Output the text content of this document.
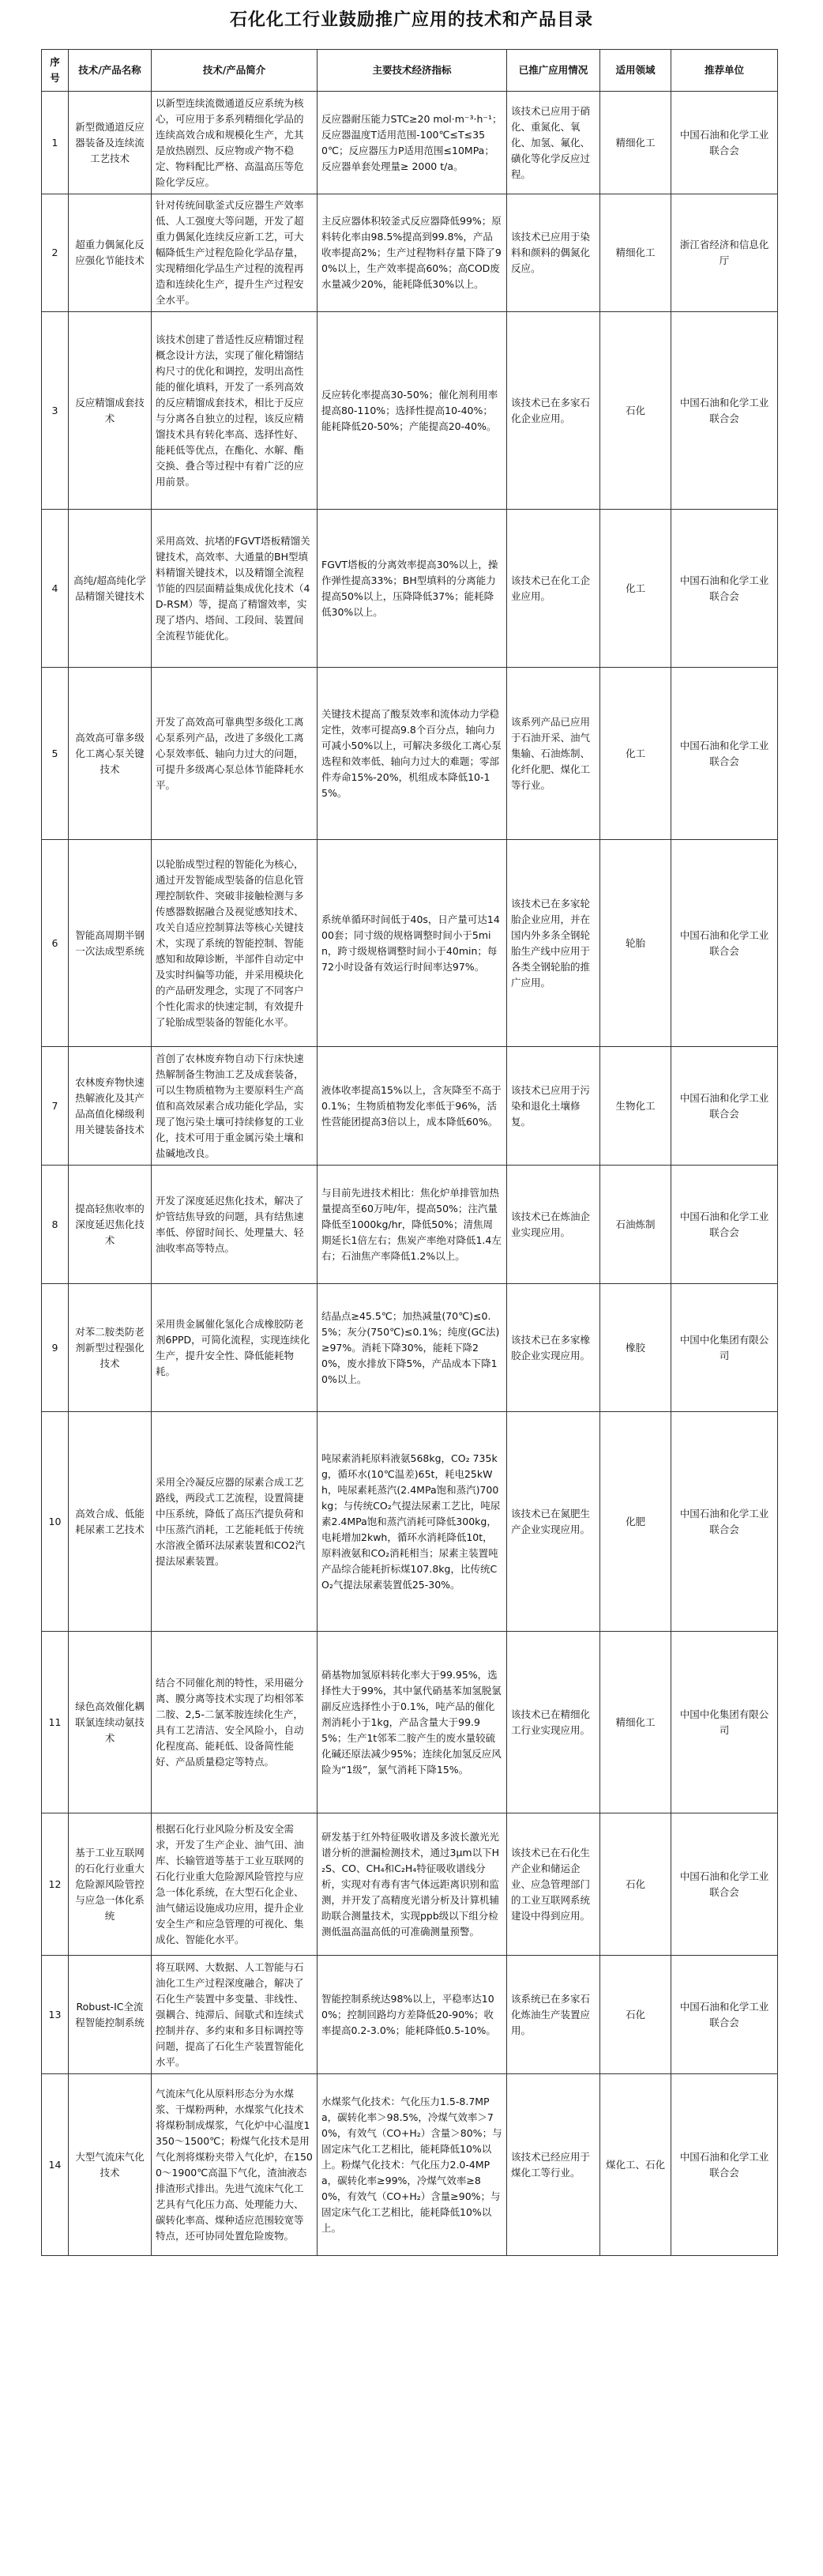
石化化工行业鼓励推广应用的技术和产品目录
序号	技术/产品名称	技术/产品简介	主要技术经济指标	已推广应用情况	适用领域	推荐单位
1	新型微通道反应器装备及连续流工艺技术	以新型连续流微通道反应系统为核心，可应用于多系列精细化学品的连续高效合成和规模化生产，尤其是放热剧烈、反应物或产物不稳定、物料配比严格、高温高压等危险化学反应。	反应器耐压能力STC≥20 mol·m⁻³·h⁻¹；反应器温度T适用范围-100℃≤T≤350℃；反应器压力P适用范围≤10MPa；反应器单套处理量≥ 2000 t/a。	该技术已应用于硝化、重氮化、氧化、加氢、氟化、磺化等化学反应过程。	精细化工	中国石油和化学工业联合会
2	超重力偶氮化反应强化节能技术	针对传统间歇釜式反应器生产效率低、人工强度大等问题，开发了超重力偶氮化连续反应新工艺，可大幅降低生产过程危险化学品存量，实现精细化学品生产过程的流程再造和连续化生产，提升生产过程安全水平。	主反应器体积较釜式反应器降低99%；原料转化率由98.5%提高到99.8%，产品收率提高2%；生产过程物料存量下降了90%以上，生产效率提高60%；高COD废水量减少20%，能耗降低30%以上。	该技术已应用于染料和颜料的偶氮化反应。	精细化工	浙江省经济和信息化厅
3	反应精馏成套技术	该技术创建了普适性反应精馏过程概念设计方法，实现了催化精馏结构尺寸的优化和调控，发明出高性能的催化填料，开发了一系列高效的反应精馏成套技术，相比于反应与分离各自独立的过程，该反应精馏技术具有转化率高、选择性好、能耗低等优点，在酯化、水解、酯交换、叠合等过程中有着广泛的应用前景。	反应转化率提高30-50%；催化剂利用率提高80-110%；选择性提高10-40%；能耗降低20-50%；产能提高20-40%。	该技术已在多家石化企业应用。	石化	中国石油和化学工业联合会
4	高纯/超高纯化学品精馏关键技术	采用高效、抗堵的FGVT塔板精馏关键技术，高效率、大通量的BH型填料精馏关键技术，以及精馏全流程节能的四层面精益集成优化技术（4D-RSM）等，提高了精馏效率，实现了塔内、塔间、工段间、装置间全流程节能优化。	FGVT塔板的分离效率提高30%以上，操作弹性提高33%；BH型填料的分离能力提高50%以上，压降降低37%；能耗降低30%以上。	该技术已在化工企业应用。	化工	中国石油和化学工业联合会
5	高效高可靠多级化工离心泵关键技术	开发了高效高可靠典型多级化工离心泵系列产品，改进了多级化工离心泵效率低、轴向力过大的问题，可提升多级离心泵总体节能降耗水平。	关键技术提高了酸泵效率和流体动力学稳定性，效率可提高9.8个百分点，轴向力可减小50%以上，可解决多级化工离心泵选程和效率低、轴向力过大的难题；零部件寿命15%-20%，机组成本降低10-15%。	该系列产品已应用于石油开采、油气集输、石油炼制、化纤化肥、煤化工等行业。	化工	中国石油和化学工业联合会
6	智能高周期半钢一次法成型系统	以轮胎成型过程的智能化为核心，通过开发智能成型装备的信息化管理控制软件、突破非接触检测与多传感器数据融合及视觉感知技术、攻关自适应控制算法等核心关键技术，实现了系统的智能控制、智能感知和故障诊断，半部件自动定中及实时纠偏等功能，并采用模块化的产品研发理念，实现了不同客户个性化需求的快速定制，有效提升了轮胎成型装备的智能化水平。	系统单循环时间低于40s，日产量可达1400套；同寸级的规格调整时间小于5min，跨寸级规格调整时间小于40min；每72小时设备有效运行时间率达97%。	该技术已在多家轮胎企业应用，并在国内外多条全钢轮胎生产线中应用于各类全钢轮胎的推广应用。	轮胎	中国石油和化学工业联合会
7	农林废弃物快速热解液化及其产品高值化梯级利用关键装备技术	首创了农林废弃物自动下行床快速热解制备生物油工艺及成套装备，可以生物质植物为主要原料生产高值和高效尿素合成功能化学品，实现了饱污染土壤可持续修复的工业化，技术可用于重金属污染土壤和盐碱地改良。	液体收率提高15%以上，含灰降至不高于0.1%；生物质植物发化率低于96%，活性营能团提高3倍以上，成本降低60%。	该技术已应用于污染和退化土壤修复。	生物化工	中国石油和化学工业联合会
8	提高轻焦收率的深度延迟焦化技术	开发了深度延迟焦化技术，解决了炉管结焦导致的问题，具有结焦速率低、停留时间长、处理量大、轻油收率高等特点。	与目前先进技术相比：焦化炉单排管加热量提高至60万吨/年，提高50%；注汽量降低至1000kg/hr，降低50%；清焦周期延长1倍左右；焦炭产率绝对降低1.4左右；石油焦产率降低1.2%以上。	该技术已在炼油企业实现应用。	石油炼制	中国石油和化学工业联合会
9	对苯二胺类防老剂新型过程强化技术	采用贵金属催化氢化合成橡胶防老剂6PPD，可简化流程，实现连续化生产，提升安全性、降低能耗物耗。	结晶点≥45.5℃；加热减量(70℃)≤0.5%；灰分(750℃)≤0.1%；纯度(GC法)≥97%。消耗下降30%，能耗下降20%，废水排放下降5%，产品成本下降10%以上。	该技术已在多家橡胶企业实现应用。	橡胶	中国中化集团有限公司
10	高效合成、低能耗尿素工艺技术	采用全冷凝反应器的尿素合成工艺路线，两段式工艺流程，设置简捷中压系统，降低了高压汽提负荷和中压蒸汽消耗，工艺能耗低于传统水溶液全循环法尿素装置和CO2汽提法尿素装置。	吨尿素消耗原料液氨568kg，CO₂ 735kg，循环水(10℃温差)65t，耗电25kWh，吨尿素耗蒸汽(2.4MPa饱和蒸汽)700kg；与传统CO₂气提法尿素工艺比，吨尿素2.4MPa饱和蒸汽消耗可降低300kg，电耗增加2kwh，循环水消耗降低10t，原料液氨和CO₂消耗相当；尿素主装置吨产品综合能耗折标煤107.8kg，比传统CO₂气提法尿素装置低25-30%。	该技术已在氮肥生产企业实现应用。	化肥	中国石油和化学工业联合会
11	绿色高效催化耦联氯连续动氨技术	结合不同催化剂的特性，采用磁分离、膜分离等技术实现了均相邻苯二胺、2,5-二氯苯胺连续化生产，具有工艺清洁、安全风险小，自动化程度高、能耗低、设备简性能好、产品质量稳定等特点。	硝基物加氢原料转化率大于99.95%，选择性大于99%，其中氯代硝基苯加氢脱氯副反应选择性小于0.1%，吨产品的催化剂消耗小于1kg，产品含量大于99.95%；生产1t邻苯二胺产生的废水量较硫化碱还原法减少95%；连续化加氢反应风险为“1级”，氯气消耗下降15%。	该技术已在精细化工行业实现应用。	精细化工	中国中化集团有限公司
12	基于工业互联网的石化行业重大危险源风险管控与应急一体化系统	根据石化行业风险分析及安全需求，开发了生产企业、油气田、油库、长输管道等基于工业互联网的石化行业重大危险源风险管控与应急一体化系统，在大型石化企业、油气储运设施成功应用，提升企业安全生产和应急管理的可视化、集成化、智能化水平。	研发基于红外特征吸收谱及多波长激光光谱分析的泄漏检测技术，通过3μm以下H₂S、CO、CH₄和C₂H₄特征吸收谱线分析，实现对有毒有害气体远距离识别和监测，并开发了高精度光谱分析及计算机辅助联合测量技术，实现ppb级以下组分检测低温高温高低的可准确测量预警。	该技术已在石化生产企业和储运企业、应急管理部门的工业互联网系统建设中得到应用。	石化	中国石油和化学工业联合会
13	Robust-IC全流程智能控制系统	将互联网、大数据、人工智能与石油化工生产过程深度融合，解决了石化生产装置中多变量、非线性、强耦合、纯滞后、间歇式和连续式控制并存、多约束和多目标调控等问题，提高了石化生产装置智能化水平。	智能控制系统达98%以上，平稳率达100%；控制回路均方差降低20-90%；收率提高0.2-3.0%；能耗降低0.5-10%。	该系统已在多家石化炼油生产装置应用。	石化	中国石油和化学工业联合会
14	大型气流床气化技术	气流床气化从原料形态分为水煤浆、干煤粉两种，水煤浆气化技术将煤粉制成煤浆，气化炉中心温度1350～1500℃；粉煤气化技术是用气化剂将煤粉夹带入气化炉，在1500～1900℃高温下气化，渣油液态排渣形式排出。先进气流床气化工艺具有气化压力高、处理能力大、碳转化率高、煤种适应范围较宽等特点，还可协同处置危险废物。	水煤浆气化技术：气化压力1.5-8.7MPa，碳转化率＞98.5%，冷煤气效率＞70%，有效气（CO+H₂）含量＞80%；与固定床气化工艺相比，能耗降低10%以上。粉煤气化技术：气化压力2.0-4MPa，碳转化率≥99%，冷煤气效率≥80%，有效气（CO+H₂）含量≥90%；与固定床气化工艺相比，能耗降低10%以上。	该技术已经应用于煤化工等行业。	煤化工、石化	中国石油和化学工业联合会
